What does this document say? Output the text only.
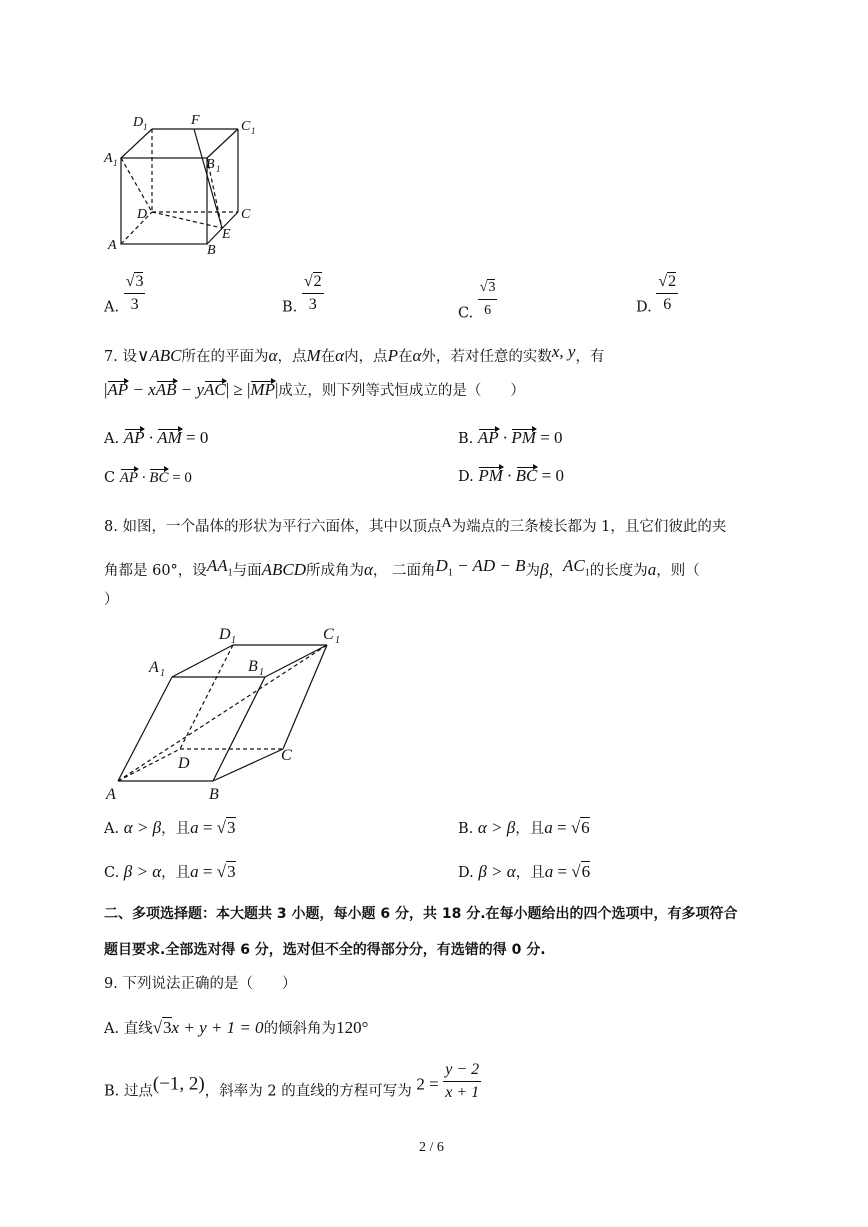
D 1	F	C 1
A 1	B 1
D	C
A
E
B
A. $\frac{√3}{3}$	B. $\frac{√2}{3}$	C. $\frac{√3}{6}$	D. $\frac{√2}{6}$
7. 设∨ABC所在的平面为α，点M在α内，点P在α外，若对任意的实数x, y，有
|AP − xAB − yAC| ≥ |MP|成立，则下列等式恒成立的是（　　）
A. AP · AM = 0	B. AP · PM = 0
C AP · BC = 0	D. PM · BC = 0
8. 如图，一个晶体的形状为平行六面体，其中以顶点A为端点的三条棱长都为 1，且它们彼此的夹
角都是 60°，设$AA_1$与面ABCD所成角为α， 二面角$D_1$ − AD − B为β，$AC_1$的长度为a，则（
）
D 1	C 1
A 1	B 1
D	C
A	B
A. α > β，且a = √3	B. α > β，且a = √6
C. β > α，且a = √3	D. β > α，且a = √6
二、多项选择题：本大题共 3 小题，每小题 6 分，共 18 分.在每小题给出的四个选项中，有多项符合
题目要求.全部选对得 6 分，选对但不全的得部分分，有选错的得 0 分.
9. 下列说法正确的是（　　）
A. 直线√3x + y + 1 = 0的倾斜角为120°
B. 过点(−1, 2)，斜率为 2 的直线的方程可写为 $2 = \frac{y - 2}{x + 1}$
2 / 6
